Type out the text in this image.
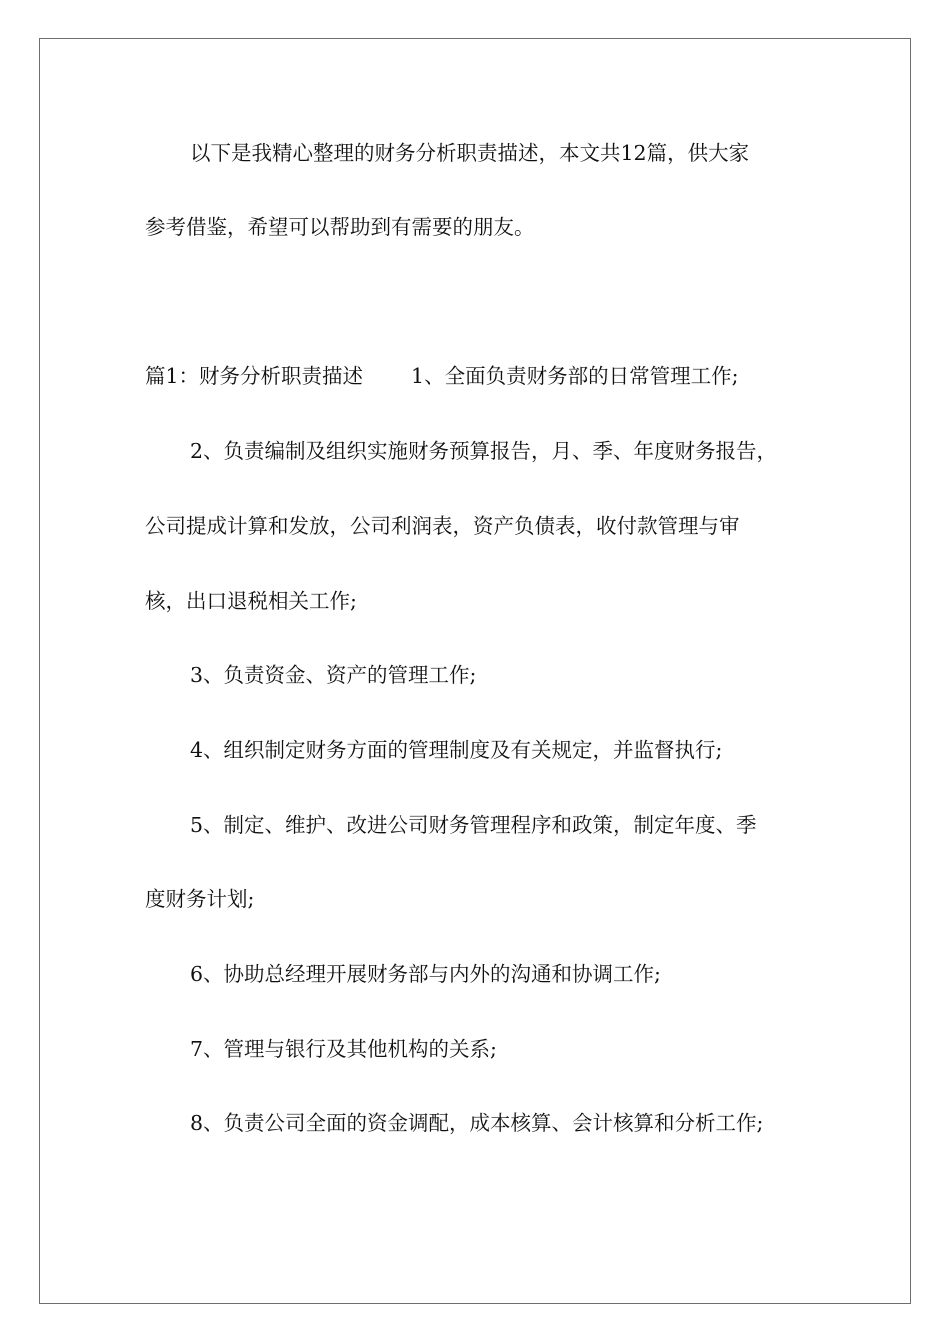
以下是我精心整理的财务分析职责描述，本文共12篇，供大家

参考借鉴，希望可以帮助到有需要的朋友。

篇1：财务分析职责描述 1、全面负责财务部的日常管理工作;

2、负责编制及组织实施财务预算报告，月、季、年度财务报告，

公司提成计算和发放，公司利润表，资产负债表，收付款管理与审

核，出口退税相关工作;

3、负责资金、资产的管理工作;

4、组织制定财务方面的管理制度及有关规定，并监督执行;

5、制定、维护、改进公司财务管理程序和政策，制定年度、季

度财务计划;

6、协助总经理开展财务部与内外的沟通和协调工作;

7、管理与银行及其他机构的关系;

8、负责公司全面的资金调配，成本核算、会计核算和分析工作;
